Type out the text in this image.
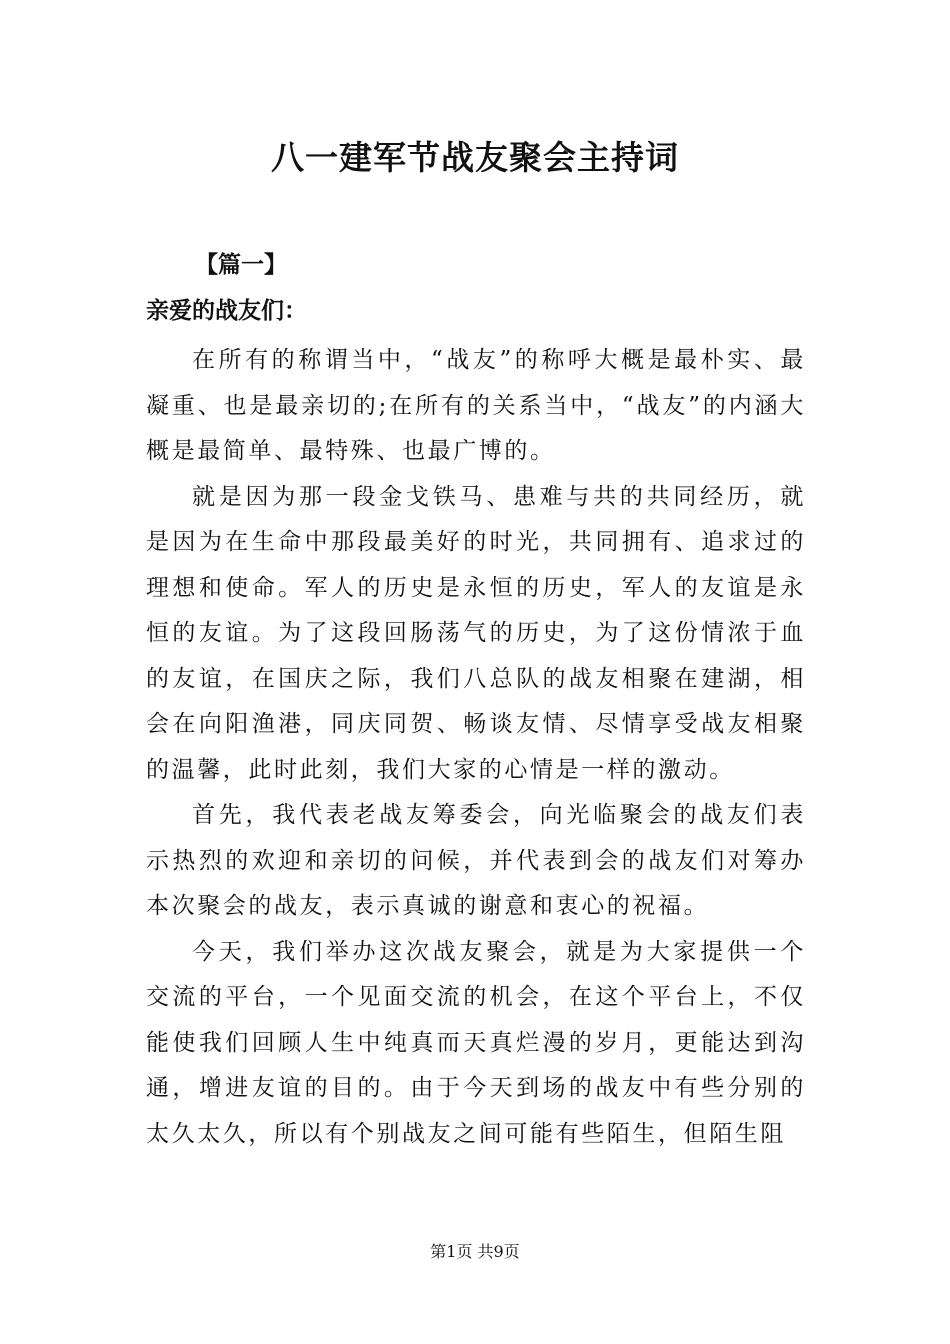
八一建军节战友聚会主持词
【篇一】
亲爱的战友们：

在所有的称谓当中，“战友”的称呼大概是最朴实、最凝重、也是最亲切的;在所有的关系当中，“战友”的内涵大概是最简单、最特殊、也最广博的。

就是因为那一段金戈铁马、患难与共的共同经历，就是因为在生命中那段最美好的时光，共同拥有、追求过的理想和使命。军人的历史是永恒的历史，军人的友谊是永恒的友谊。为了这段回肠荡气的历史，为了这份情浓于血的友谊，在国庆之际，我们八总队的战友相聚在建湖，相会在向阳渔港，同庆同贺、畅谈友情、尽情享受战友相聚的温馨，此时此刻，我们大家的心情是一样的激动。

首先，我代表老战友筹委会，向光临聚会的战友们表示热烈的欢迎和亲切的问候，并代表到会的战友们对筹办本次聚会的战友，表示真诚的谢意和衷心的祝福。

今天，我们举办这次战友聚会，就是为大家提供一个交流的平台，一个见面交流的机会，在这个平台上，不仅能使我们回顾人生中纯真而天真烂漫的岁月，更能达到沟通，增进友谊的目的。由于今天到场的战友中有些分别的太久太久，所以有个别战友之间可能有些陌生，但陌生阻

第1页 共9页
